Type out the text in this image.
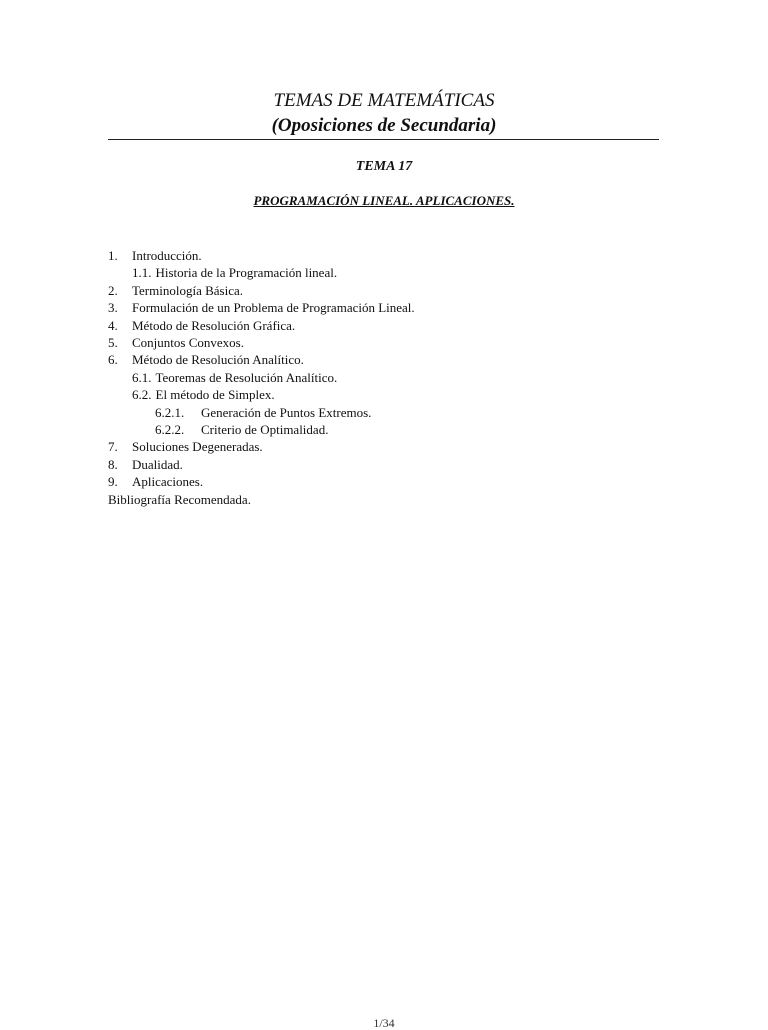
TEMAS DE MATEMÁTICAS
(Oposiciones de Secundaria)
TEMA 17
PROGRAMACIÓN LINEAL. APLICACIONES.
1. Introducción.
1.1. Historia de la Programación lineal.
2. Terminología Básica.
3. Formulación de un Problema de Programación Lineal.
4. Método de Resolución Gráfica.
5. Conjuntos Convexos.
6. Método de Resolución Analítico.
6.1. Teoremas de Resolución Analítico.
6.2. El método de Simplex.
6.2.1. Generación de Puntos Extremos.
6.2.2. Criterio de Optimalidad.
7. Soluciones Degeneradas.
8. Dualidad.
9. Aplicaciones.
Bibliografía Recomendada.
1/34
